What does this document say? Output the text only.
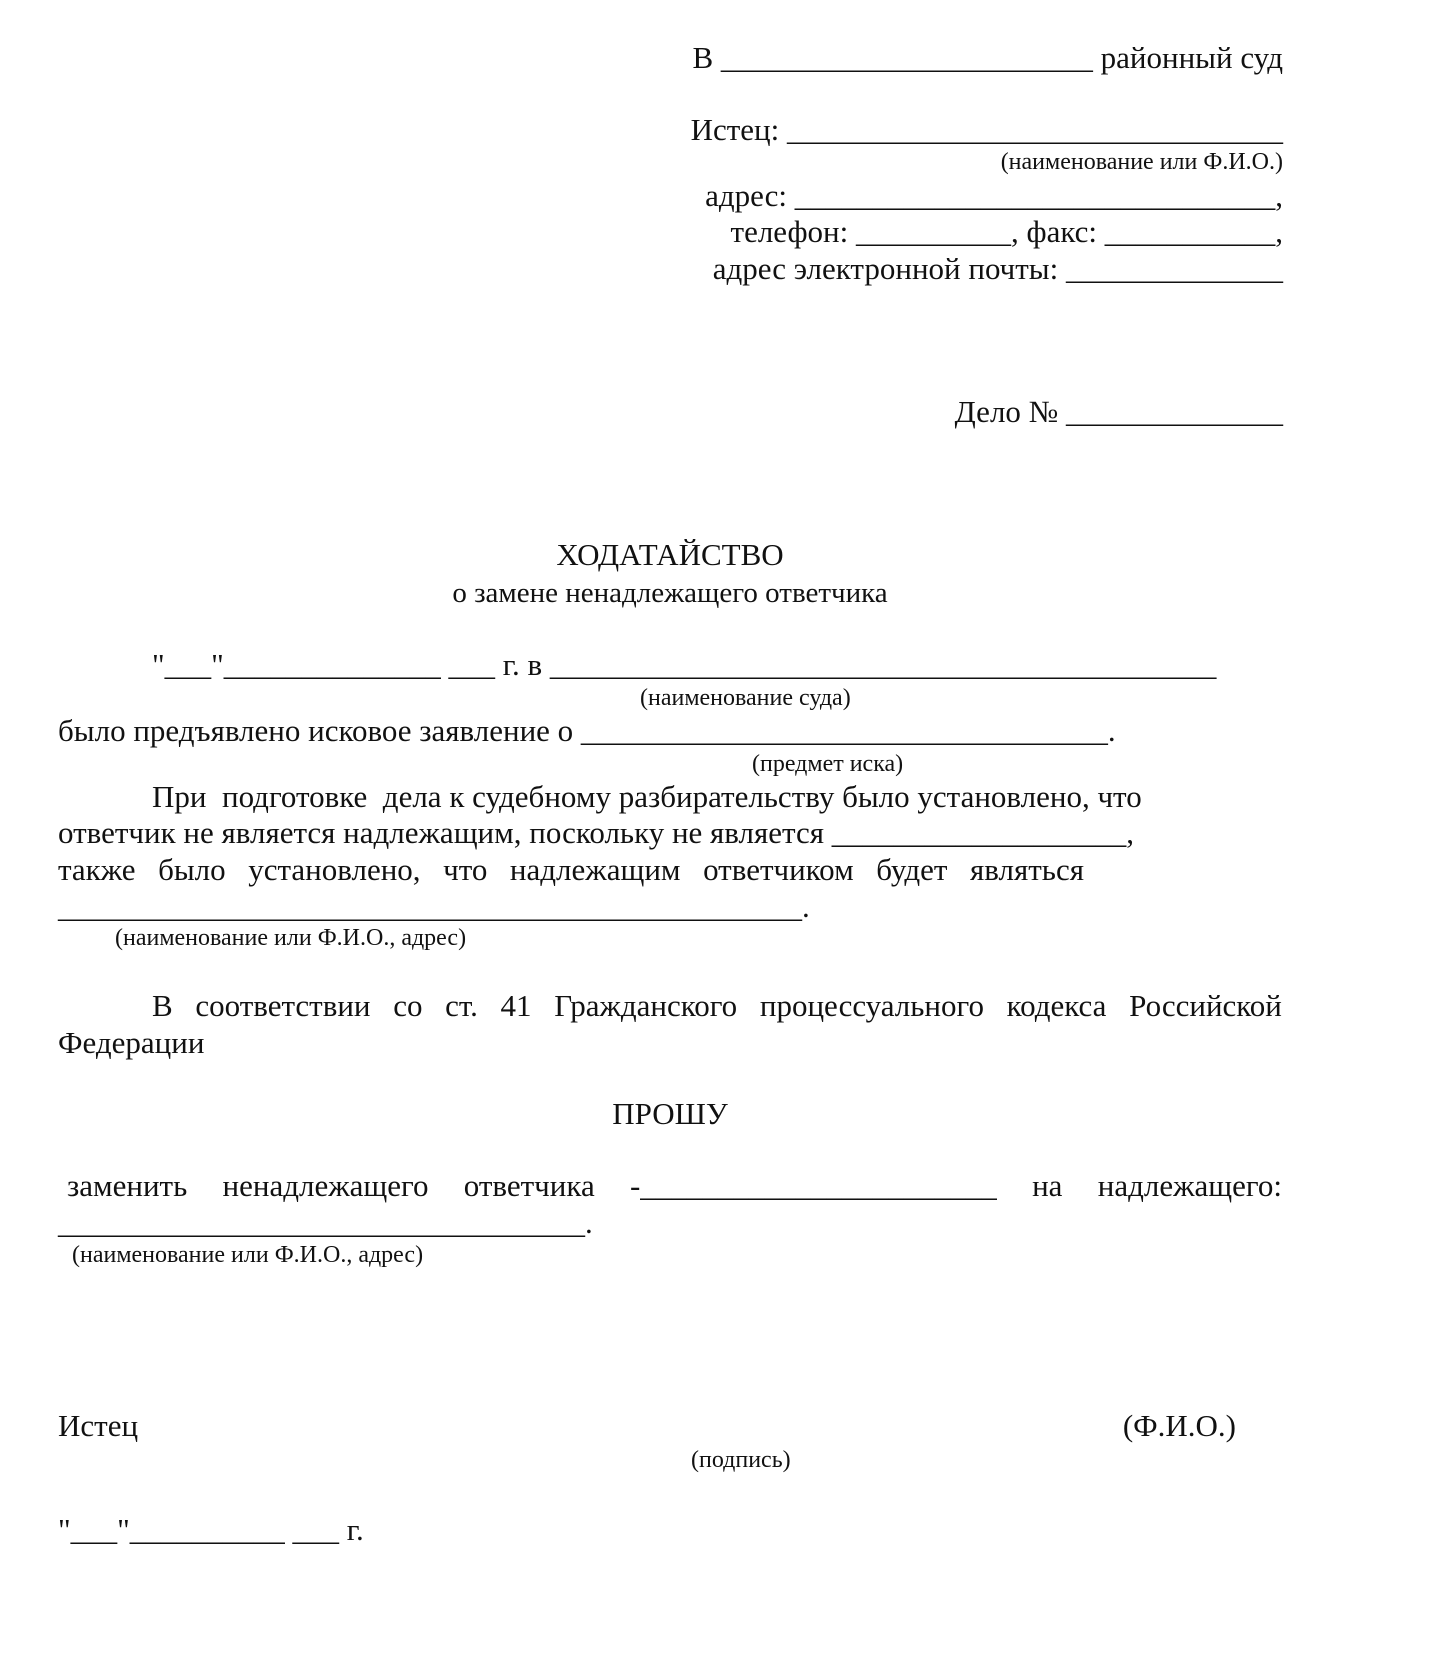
В ________________________ районный суд
Истец: ________________________________
(наименование или Ф.И.О.)
адрес: _______________________________,
телефон: __________, факс: ___________,
адрес электронной почты: ______________
Дело № ______________
ХОДАТАЙСТВО
о замене ненадлежащего ответчика
"___"______________ ___ г. в ___________________________________________
(наименование суда)
было предъявлено исковое заявление о __________________________________.
(предмет иска)
При  подготовке  дела к судебному разбирательству было установлено, что
ответчик не является надлежащим, поскольку не является ___________________,
также было установлено, что надлежащим ответчиком будет являться
________________________________________________.
(наименование или Ф.И.О., адрес)
В соответствии со ст. 41 Гражданского процессуального кодекса Российской
Федерации
ПРОШУ
заменить ненадлежащего ответчика -_______________________ на надлежащего:
__________________________________.
(наименование или Ф.И.О., адрес)
Истец	(Ф.И.О.)
(подпись)
"___"__________ ___ г.
